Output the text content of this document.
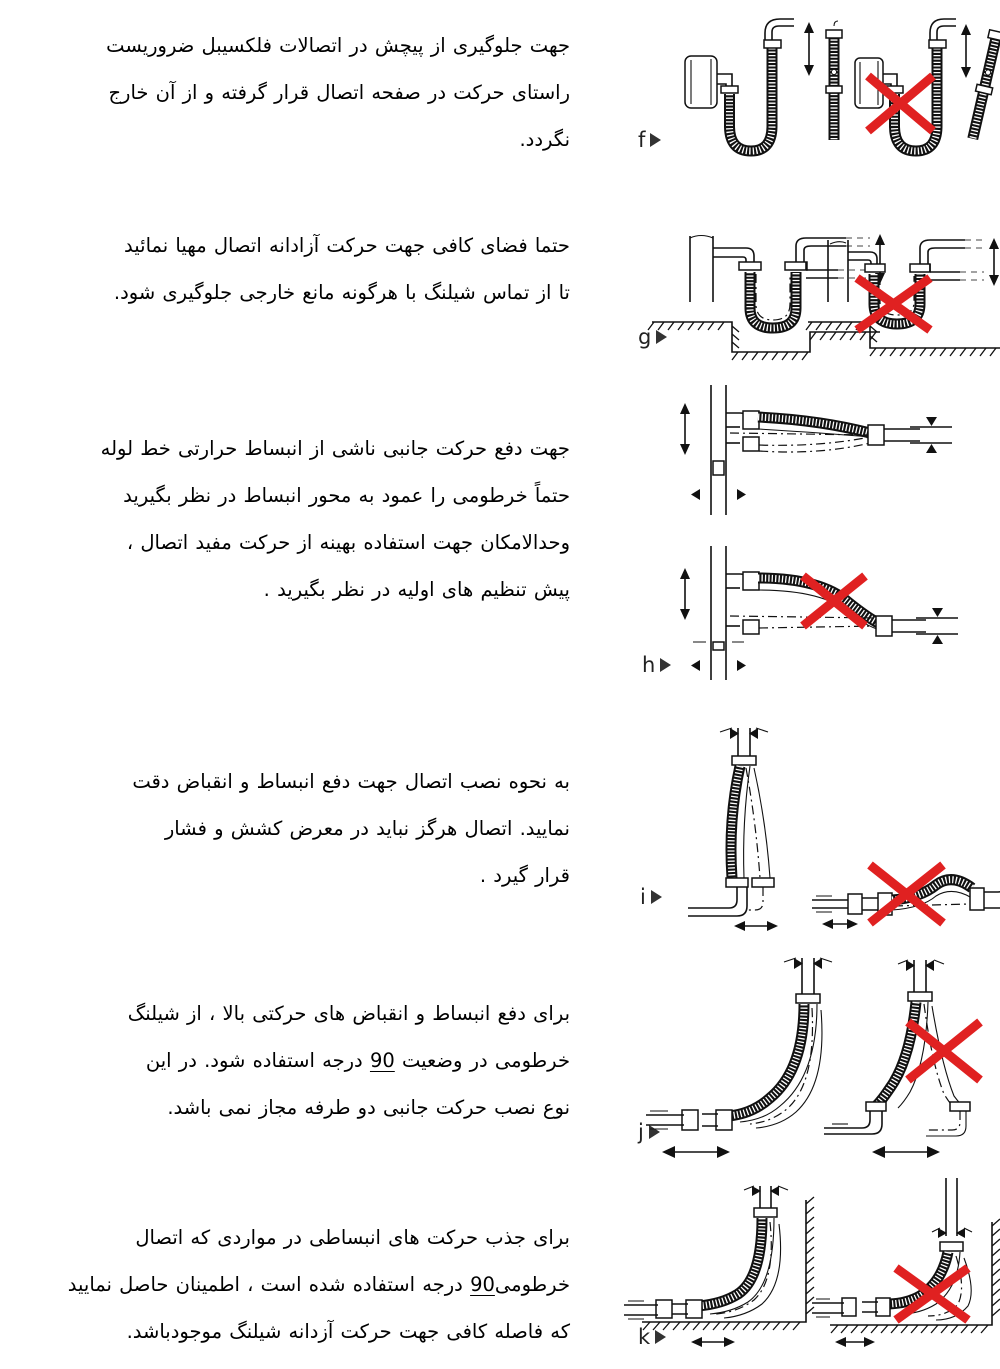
f

جهت جلوگیری از پیچش در اتصالات فلکسیبل ضروریست
راستای حرکت در صفحه اتصال قرار گرفته و از آن خارج
نگردد.

g

حتما فضای کافی جهت حرکت آزادانه اتصال مهیا نمائید
تا از تماس شیلنگ با هرگونه مانع خارجی جلوگیری شود.

h

جهت دفع حرکت جانبی ناشی از انبساط حرارتی خط لوله
حتماً خرطومی را عمود به محور انبساط در نظر بگیرید
وحدالامکان جهت استفاده بهینه از حرکت مفید اتصال ،
پیش تنظیم های اولیه در نظر بگیرید .

i

به نحوه نصب اتصال جهت دفع انبساط و انقباض دقت
نمایید. اتصال هرگز نباید در معرض کشش و فشار
قرار گیرد .

j

برای دفع انبساط و انقباض های حرکتی بالا ، از شیلنگ
خرطومی در وضعیت 90 درجه استفاده شود. در این
نوع نصب حرکت جانبی دو طرفه مجاز نمی باشد.

k

برای جذب حرکت های انبساطی در مواردی که اتصال
خرطومی90 درجه استفاده شده است ، اطمینان حاصل نمایید
که فاصله کافی جهت حرکت آزدانه شیلنگ موجودباشد.
